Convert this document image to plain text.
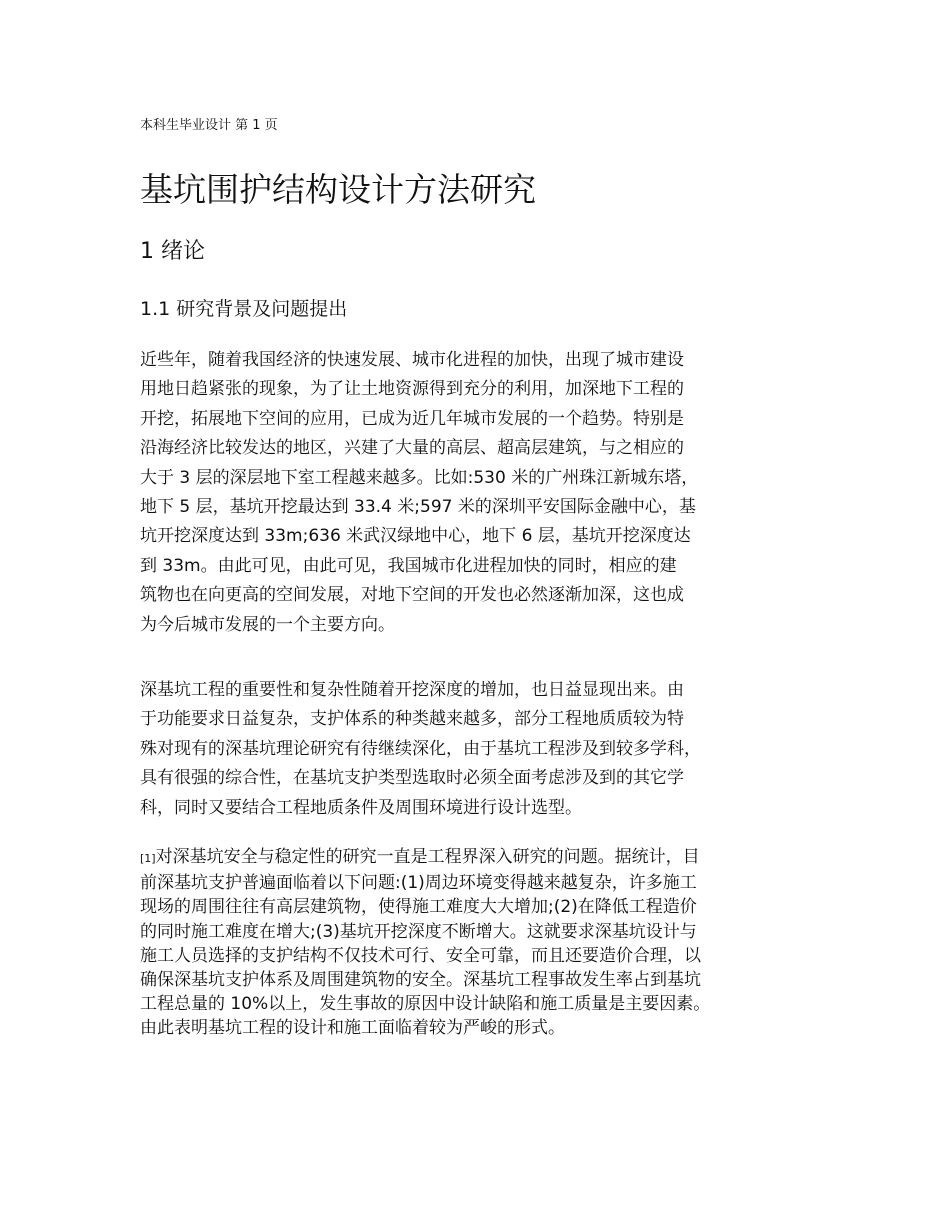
本科生毕业设计 第 1 页
基坑围护结构设计方法研究
1 绪论
1.1 研究背景及问题提出

近些年，随着我国经济的快速发展、城市化进程的加快，出现了城市建设
用地日趋紧张的现象，为了让土地资源得到充分的利用，加深地下工程的
开挖，拓展地下空间的应用，已成为近几年城市发展的一个趋势。特别是
沿海经济比较发达的地区，兴建了大量的高层、超高层建筑，与之相应的
大于 3 层的深层地下室工程越来越多。比如:530 米的广州珠江新城东塔，
地下 5 层，基坑开挖最达到 33.4 米;597 米的深圳平安国际金融中心，基
坑开挖深度达到 33m;636 米武汉绿地中心，地下 6 层，基坑开挖深度达
到 33m。由此可见，由此可见，我国城市化进程加快的同时，相应的建
筑物也在向更高的空间发展，对地下空间的开发也必然逐渐加深，这也成
为今后城市发展的一个主要方向。

深基坑工程的重要性和复杂性随着开挖深度的增加，也日益显现出来。由
于功能要求日益复杂，支护体系的种类越来越多，部分工程地质质较为特
殊对现有的深基坑理论研究有待继续深化，由于基坑工程涉及到较多学科，
具有很强的综合性，在基坑支护类型选取时必须全面考虑涉及到的其它学
科，同时又要结合工程地质条件及周围环境进行设计选型。

[1]对深基坑安全与稳定性的研究一直是工程界深入研究的问题。据统计，目
前深基坑支护普遍面临着以下问题:(1)周边环境变得越来越复杂，许多施工
现场的周围往往有高层建筑物，使得施工难度大大增加;(2)在降低工程造价
的同时施工难度在增大;(3)基坑开挖深度不断增大。这就要求深基坑设计与
施工人员选择的支护结构不仅技术可行、安全可靠，而且还要造价合理，以
确保深基坑支护体系及周围建筑物的安全。深基坑工程事故发生率占到基坑
工程总量的 10%以上，发生事故的原因中设计缺陷和施工质量是主要因素。
由此表明基坑工程的设计和施工面临着较为严峻的形式。
